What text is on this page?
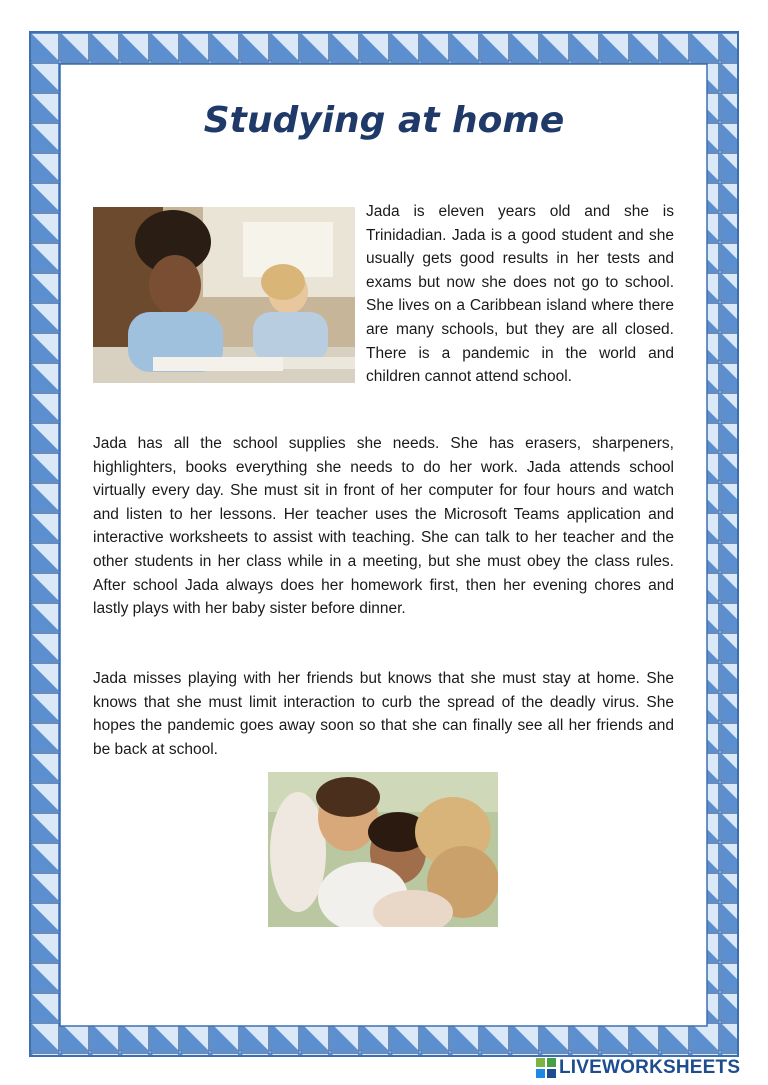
Studying at home

Jada is eleven years old and she is Trinidadian. Jada is a good student and she usually gets good results in her tests and exams but now she does not go to school. She lives on a Caribbean island where there are many schools, but they are all closed. There is a pandemic in the world and children cannot attend school.

Jada has all the school supplies she needs. She has erasers, sharpeners, highlighters, books everything she needs to do her work. Jada attends school virtually every day. She must sit in front of her computer for four hours and watch and listen to her lessons. Her teacher uses the Microsoft Teams application and interactive worksheets to assist with teaching. She can talk to her teacher and the other students in her class while in a meeting, but she must obey the class rules. After school Jada always does her homework first, then her evening chores and lastly plays with her baby sister before dinner.

Jada misses playing with her friends but knows that she must stay at home. She knows that she must limit interaction to curb the spread of the deadly virus. She hopes the pandemic goes away soon so that she can finally see all her friends and be back at school.

LIVEWORKSHEETS
